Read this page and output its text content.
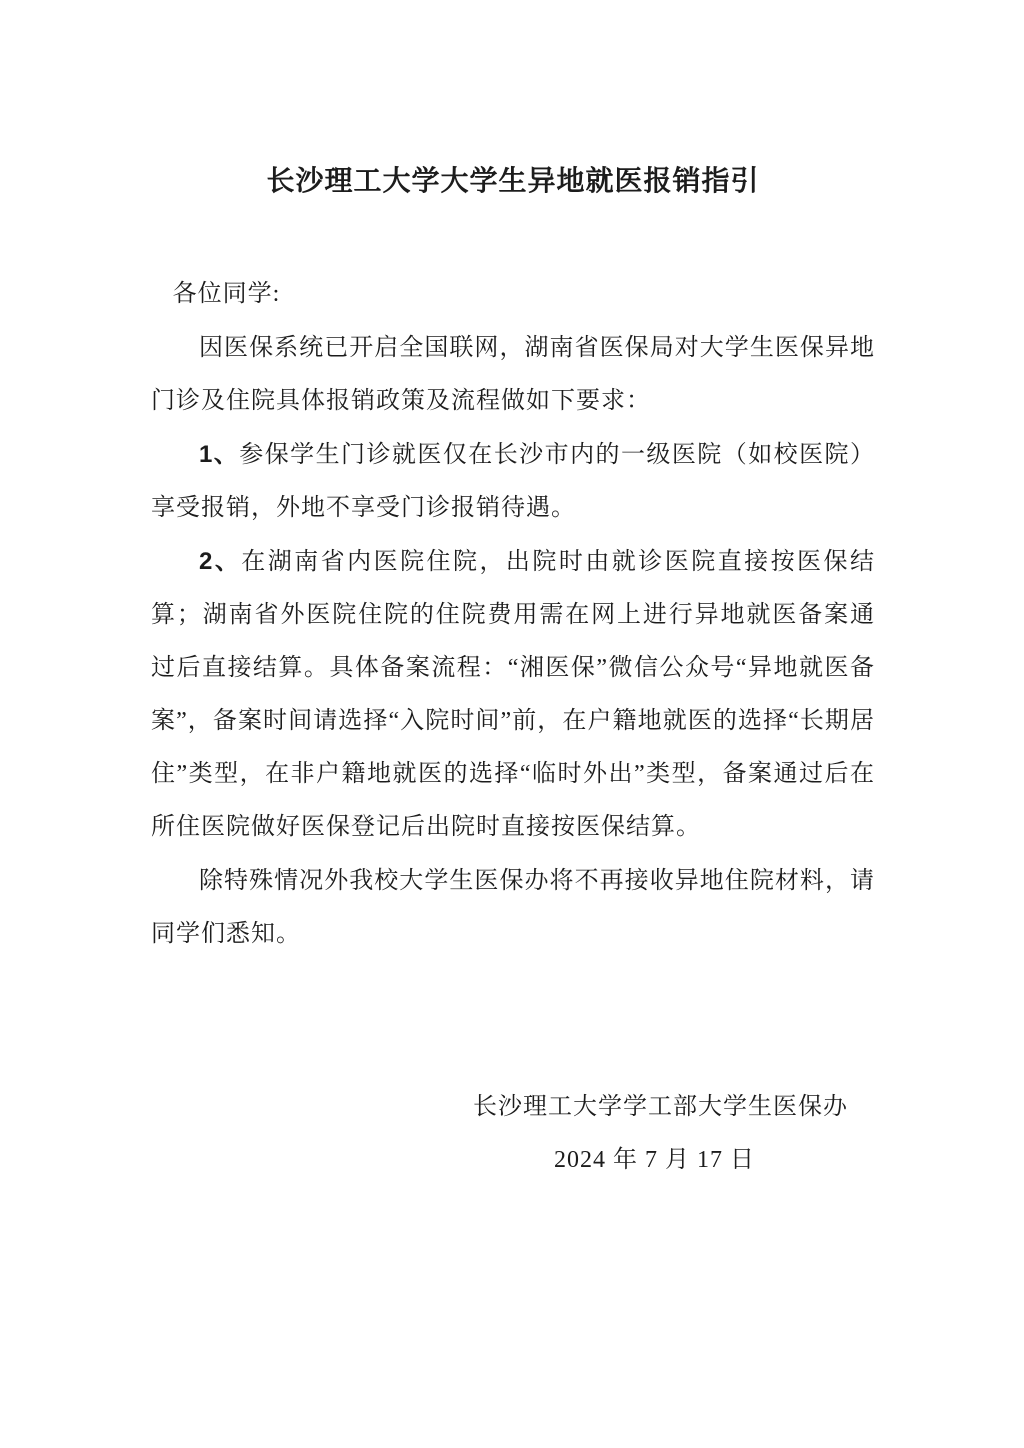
长沙理工大学大学生异地就医报销指引

各位同学:

因医保系统已开启全国联网，湖南省医保局对大学生医保异地门诊及住院具体报销政策及流程做如下要求：

1、参保学生门诊就医仅在长沙市内的一级医院（如校医院）享受报销，外地不享受门诊报销待遇。

2、在湖南省内医院住院，出院时由就诊医院直接按医保结算；湖南省外医院住院的住院费用需在网上进行异地就医备案通过后直接结算。具体备案流程：“湘医保”微信公众号“异地就医备案”，备案时间请选择“入院时间”前，在户籍地就医的选择“长期居住”类型，在非户籍地就医的选择“临时外出”类型，备案通过后在所住医院做好医保登记后出院时直接按医保结算。

除特殊情况外我校大学生医保办将不再接收异地住院材料，请同学们悉知。

长沙理工大学学工部大学生医保办

2024 年 7 月 17 日
